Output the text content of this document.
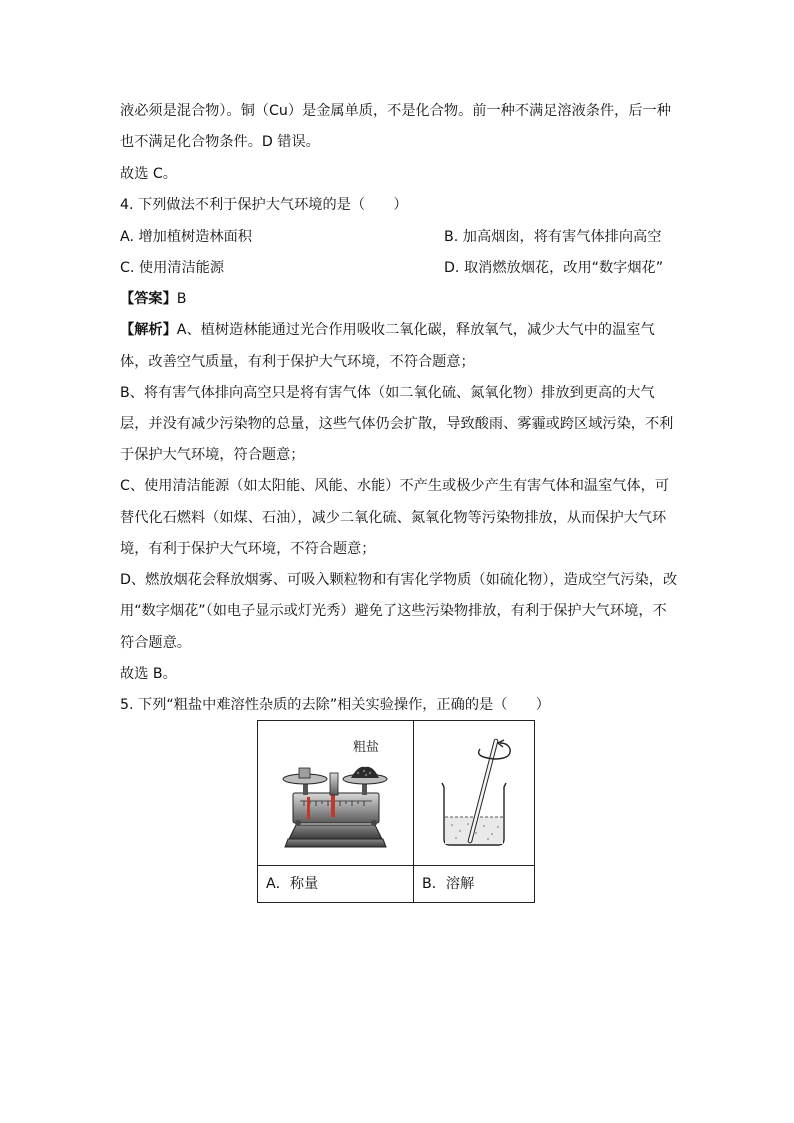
液必须是混合物）。铜（Cu）是金属单质，不是化合物。前一种不满足溶液条件，后一种
也不满足化合物条件。D 错误。
故选 C。
4. 下列做法不利于保护大气环境的是（　　）
A. 增加植树造林面积	B. 加高烟囱，将有害气体排向高空
C. 使用清洁能源	D. 取消燃放烟花，改用“数字烟花”
【答案】B
【解析】A、植树造林能通过光合作用吸收二氧化碳，释放氧气，减少大气中的温室气
体，改善空气质量，有利于保护大气环境，不符合题意；
B、将有害气体排向高空只是将有害气体（如二氧化硫、氮氧化物）排放到更高的大气
层，并没有减少污染物的总量，这些气体仍会扩散，导致酸雨、雾霾或跨区域污染，不利
于保护大气环境，符合题意；
C、使用清洁能源（如太阳能、风能、水能）不产生或极少产生有害气体和温室气体，可
替代化石燃料（如煤、石油），减少二氧化硫、氮氧化物等污染物排放，从而保护大气环
境，有利于保护大气环境，不符合题意；
D、燃放烟花会释放烟雾、可吸入颗粒物和有害化学物质（如硫化物），造成空气污染，改
用“数字烟花”（如电子显示或灯光秀）避免了这些污染物排放，有利于保护大气环境，不
符合题意。
故选 B。
5. 下列“粗盐中难溶性杂质的去除”相关实验操作，正确的是（　　）
粗盐

A．称量	B．溶解
